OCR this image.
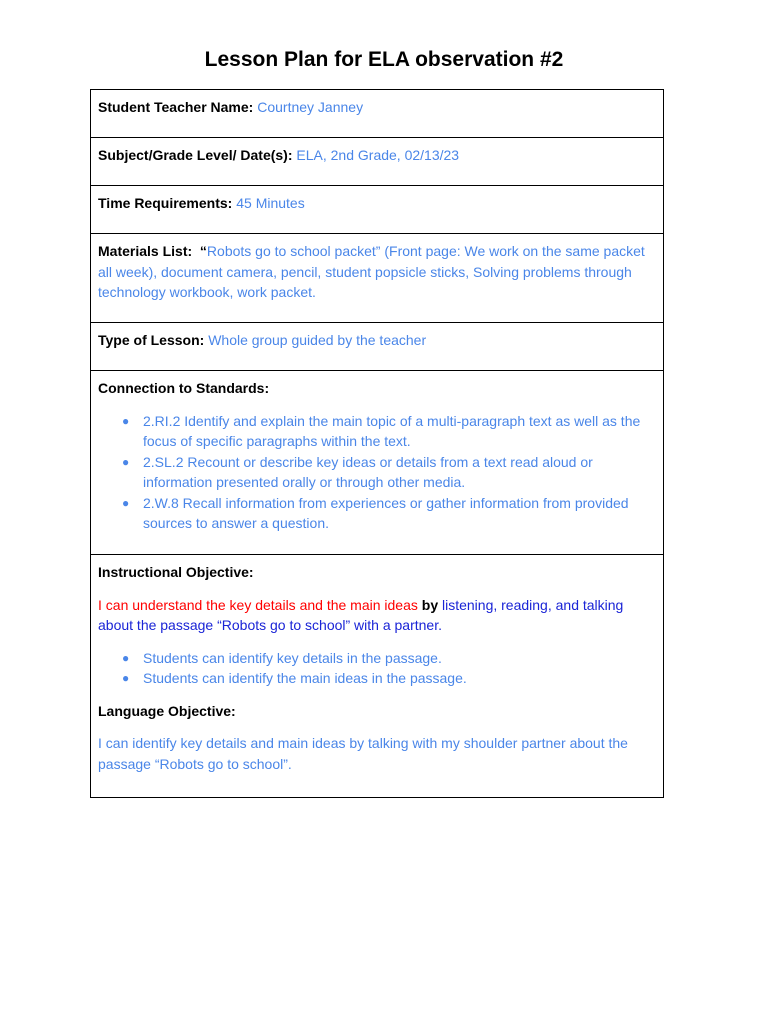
Lesson Plan for ELA observation #2
Student Teacher Name: Courtney Janney
Subject/Grade Level/ Date(s): ELA, 2nd Grade, 02/13/23
Time Requirements: 45 Minutes
Materials List: “Robots go to school packet” (Front page: We work on the same packet all week), document camera, pencil, student popsicle sticks, Solving problems through technology workbook, work packet.
Type of Lesson: Whole group guided by the teacher
Connection to Standards:
● 2.RI.2 Identify and explain the main topic of a multi-paragraph text as well as the focus of specific paragraphs within the text.
● 2.SL.2 Recount or describe key ideas or details from a text read aloud or information presented orally or through other media.
● 2.W.8 Recall information from experiences or gather information from provided sources to answer a question.
Instructional Objective:
I can understand the key details and the main ideas by listening, reading, and talking about the passage “Robots go to school” with a partner.
● Students can identify key details in the passage.
● Students can identify the main ideas in the passage.
Language Objective:
I can identify key details and main ideas by talking with my shoulder partner about the passage “Robots go to school”.
